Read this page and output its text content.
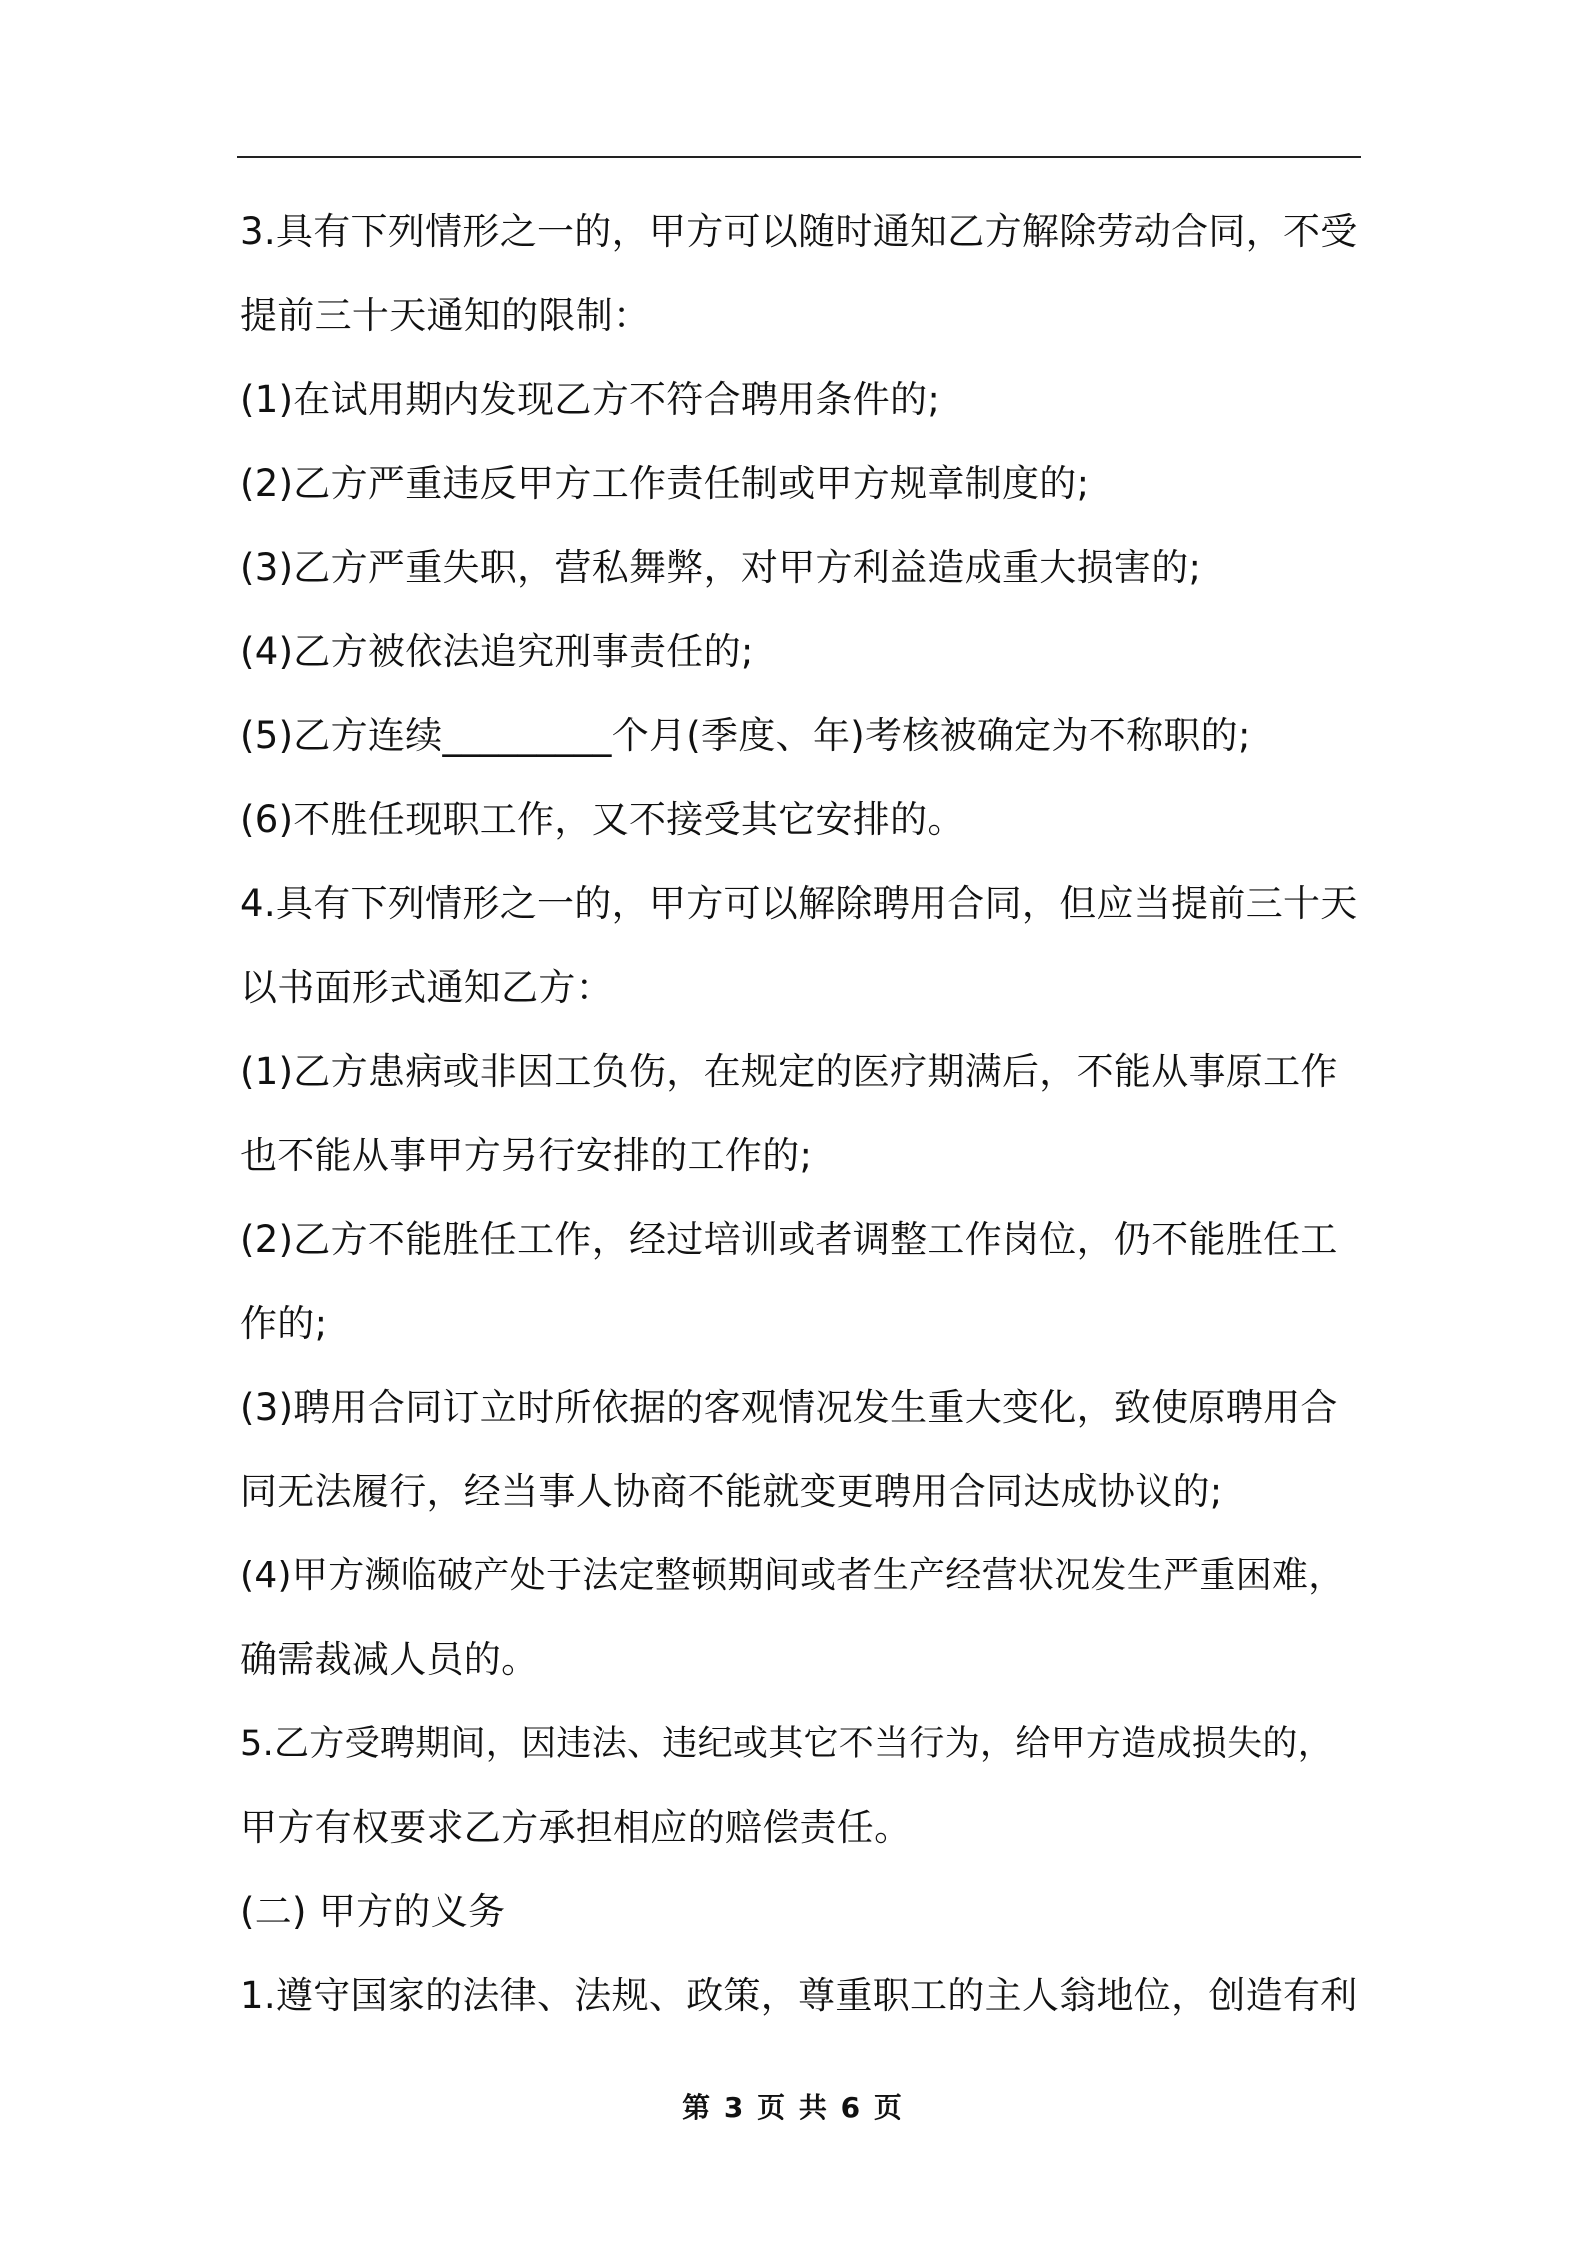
3.具有下列情形之一的，甲方可以随时通知乙方解除劳动合同，不受
提前三十天通知的限制：
(1)在试用期内发现乙方不符合聘用条件的;
(2)乙方严重违反甲方工作责任制或甲方规章制度的;
(3)乙方严重失职，营私舞弊，对甲方利益造成重大损害的;
(4)乙方被依法追究刑事责任的;
(5)乙方连续_________个月(季度、年)考核被确定为不称职的;
(6)不胜任现职工作，又不接受其它安排的。
4.具有下列情形之一的，甲方可以解除聘用合同，但应当提前三十天
以书面形式通知乙方：
(1)乙方患病或非因工负伤，在规定的医疗期满后，不能从事原工作
也不能从事甲方另行安排的工作的;
(2)乙方不能胜任工作，经过培训或者调整工作岗位，仍不能胜任工
作的;
(3)聘用合同订立时所依据的客观情况发生重大变化，致使原聘用合
同无法履行，经当事人协商不能就变更聘用合同达成协议的;
(4)甲方濒临破产处于法定整顿期间或者生产经营状况发生严重困难，
确需裁减人员的。
5.乙方受聘期间，因违法、违纪或其它不当行为，给甲方造成损失的，
甲方有权要求乙方承担相应的赔偿责任。
(二) 甲方的义务
1.遵守国家的法律、法规、政策，尊重职工的主人翁地位，创造有利
第 3 页 共 6 页
